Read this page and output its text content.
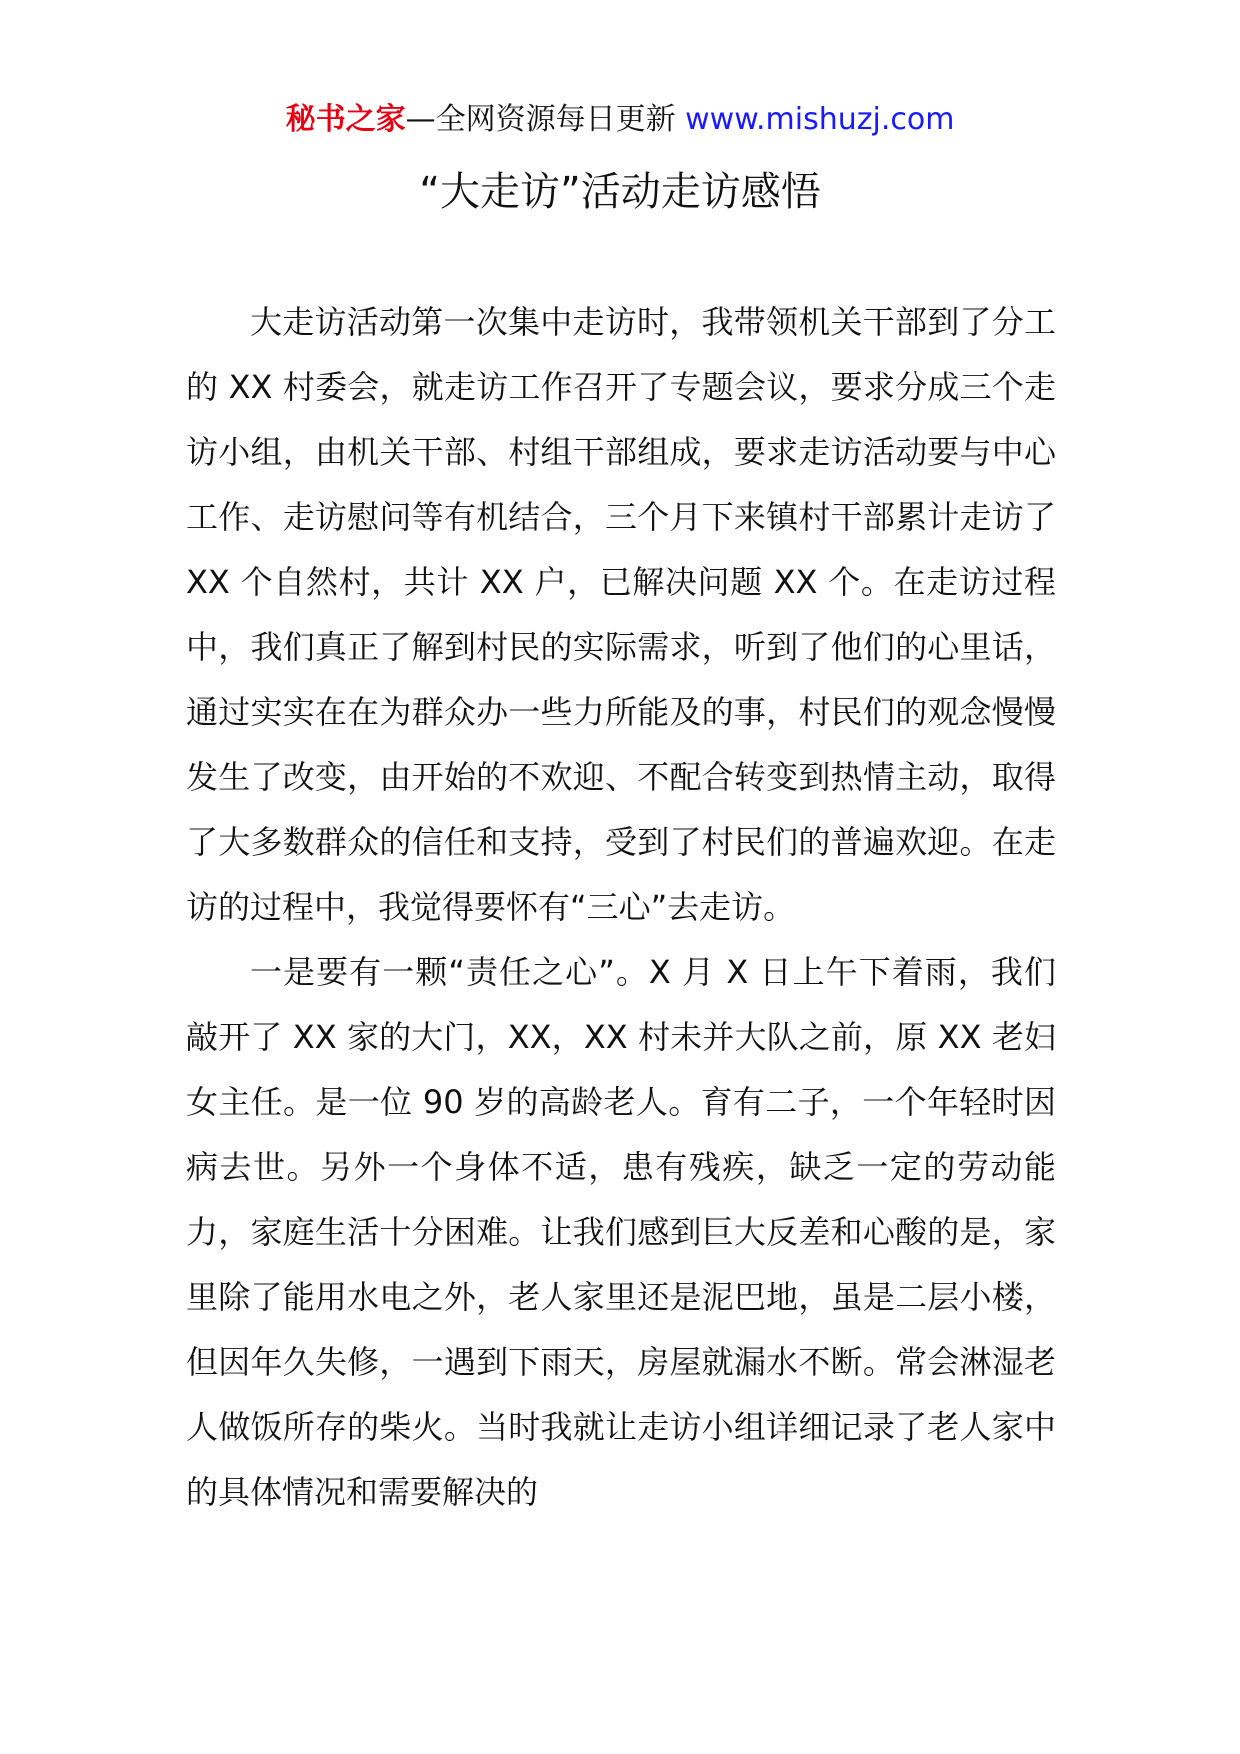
秘书之家—全网资源每日更新 www.mishuzj.com
“大走访”活动走访感悟

大走访活动第一次集中走访时，我带领机关干部到了分工的 XX 村委会，就走访工作召开了专题会议，要求分成三个走访小组，由机关干部、村组干部组成，要求走访活动要与中心工作、走访慰问等有机结合，三个月下来镇村干部累计走访了 XX 个自然村，共计 XX 户，已解决问题 XX 个。在走访过程中，我们真正了解到村民的实际需求，听到了他们的心里话，通过实实在在为群众办一些力所能及的事，村民们的观念慢慢发生了改变，由开始的不欢迎、不配合转变到热情主动，取得了大多数群众的信任和支持，受到了村民们的普遍欢迎。在走访的过程中，我觉得要怀有“三心”去走访。

一是要有一颗“责任之心”。X 月 X 日上午下着雨，我们敲开了 XX 家的大门，XX，XX 村未并大队之前，原 XX 老妇女主任。是一位 90 岁的高龄老人。育有二子，一个年轻时因病去世。另外一个身体不适，患有残疾，缺乏一定的劳动能力，家庭生活十分困难。让我们感到巨大反差和心酸的是，家里除了能用水电之外，老人家里还是泥巴地，虽是二层小楼，但因年久失修，一遇到下雨天，房屋就漏水不断。常会淋湿老人做饭所存的柴火。当时我就让走访小组详细记录了老人家中的具体情况和需要解决的
